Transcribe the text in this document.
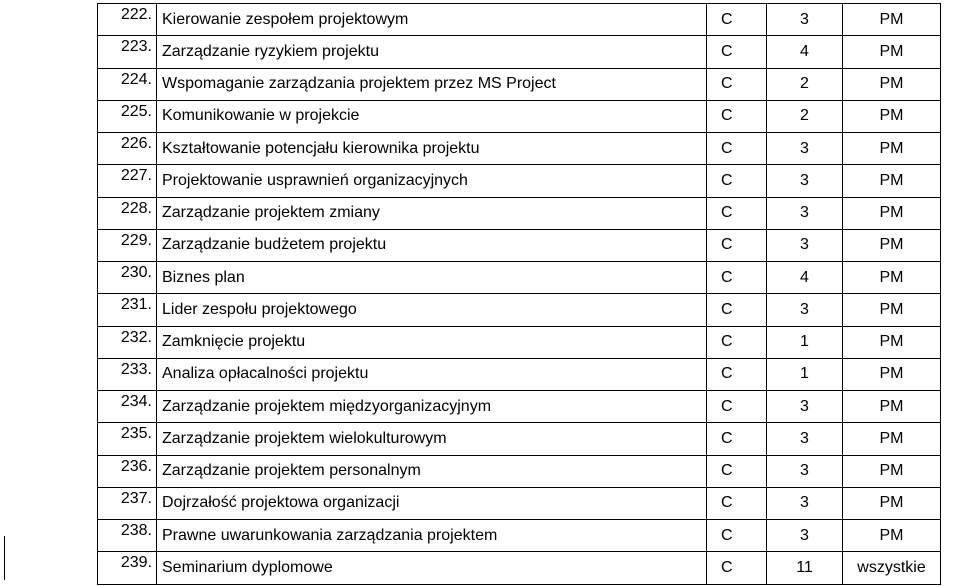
222.	Kierowanie zespołem projektowym	C	3	PM
223.	Zarządzanie ryzykiem projektu	C	4	PM
224.	Wspomaganie zarządzania projektem przez MS Project	C	2	PM
225.	Komunikowanie w projekcie	C	2	PM
226.	Kształtowanie potencjału kierownika projektu	C	3	PM
227.	Projektowanie usprawnień organizacyjnych	C	3	PM
228.	Zarządzanie projektem zmiany	C	3	PM
229.	Zarządzanie budżetem projektu	C	3	PM
230.	Biznes plan	C	4	PM
231.	Lider zespołu projektowego	C	3	PM
232.	Zamknięcie projektu	C	1	PM
233.	Analiza opłacalności projektu	C	1	PM
234.	Zarządzanie projektem międzyorganizacyjnym	C	3	PM
235.	Zarządzanie projektem wielokulturowym	C	3	PM
236.	Zarządzanie projektem personalnym	C	3	PM
237.	Dojrzałość projektowa organizacji	C	3	PM
238.	Prawne uwarunkowania zarządzania projektem	C	3	PM
239.	Seminarium dyplomowe	C	11	wszystkie
